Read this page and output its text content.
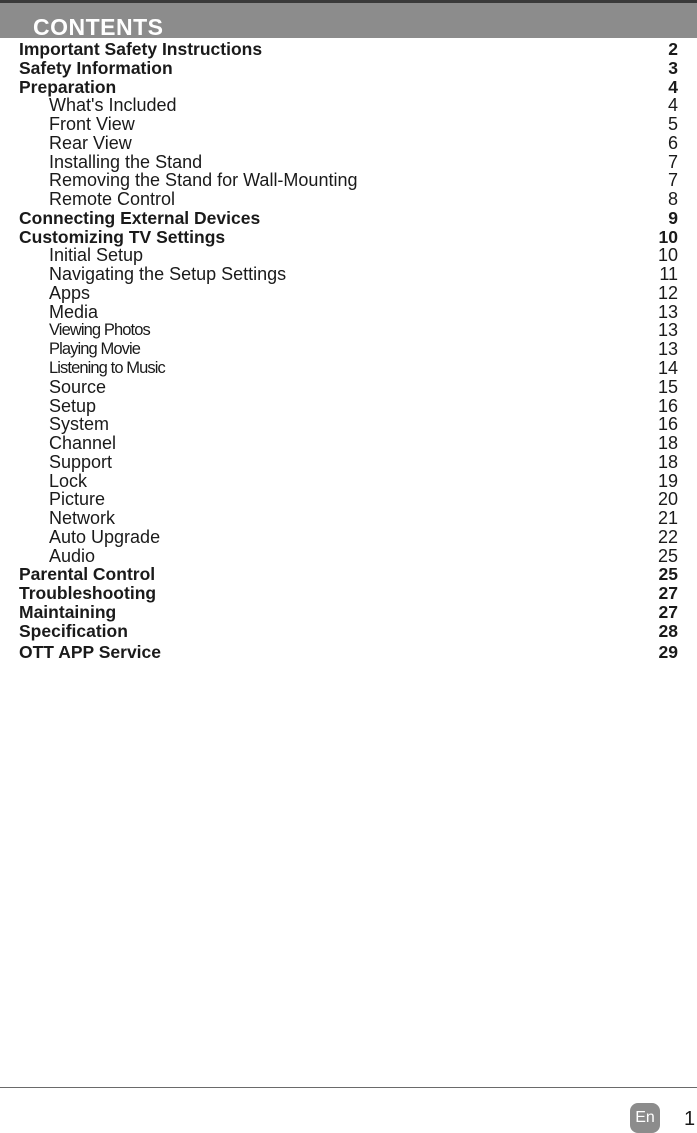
CONTENTS
Important Safety Instructions	2
Safety Information	3
Preparation	4
What's Included	4
Front View	5
Rear View	6
Installing the Stand	7
Removing the Stand for Wall-Mounting	7
Remote Control	8
Connecting External Devices	9
Customizing TV Settings	10
Initial Setup	10
Navigating the Setup Settings	11
Apps	12
Media	13
Viewing Photos	13
Playing Movie	13
Listening to Music	14
Source	15
Setup	16
System	16
Channel	18
Support	18
Lock	19
Picture	20
Network	21
Auto Upgrade	22
Audio	25
Parental Control	25
Troubleshooting	27
Maintaining	27
Specification	28
OTT APP Service	29
En 1
